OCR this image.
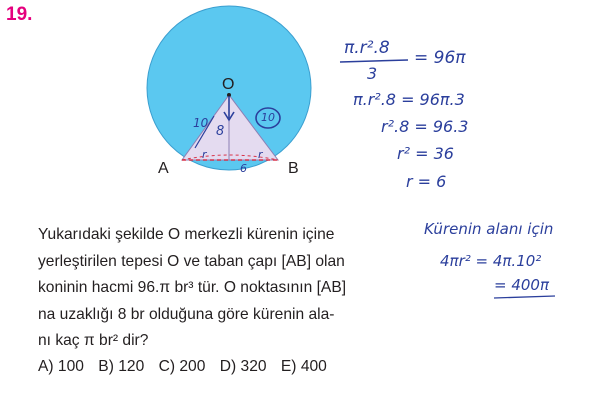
19.
O
A	B
10
8
10
r	r
6
π.r².8
3
= 96π
π.r².8 = 96π.3
r².8 = 96.3
r² = 36
r = 6
Kürenin alanı için
4πr² = 4π.10²
= 400π
Yukarıdaki şekilde O merkezli kürenin içine
yerleştirilen tepesi O ve taban çapı [AB] olan
koninin hacmi 96.π br³ tür. O noktasının [AB]
na uzaklığı 8 br olduğuna göre kürenin ala-
nı kaç π br² dir?
A) 100 B) 120 C) 200 D) 320 E) 400
